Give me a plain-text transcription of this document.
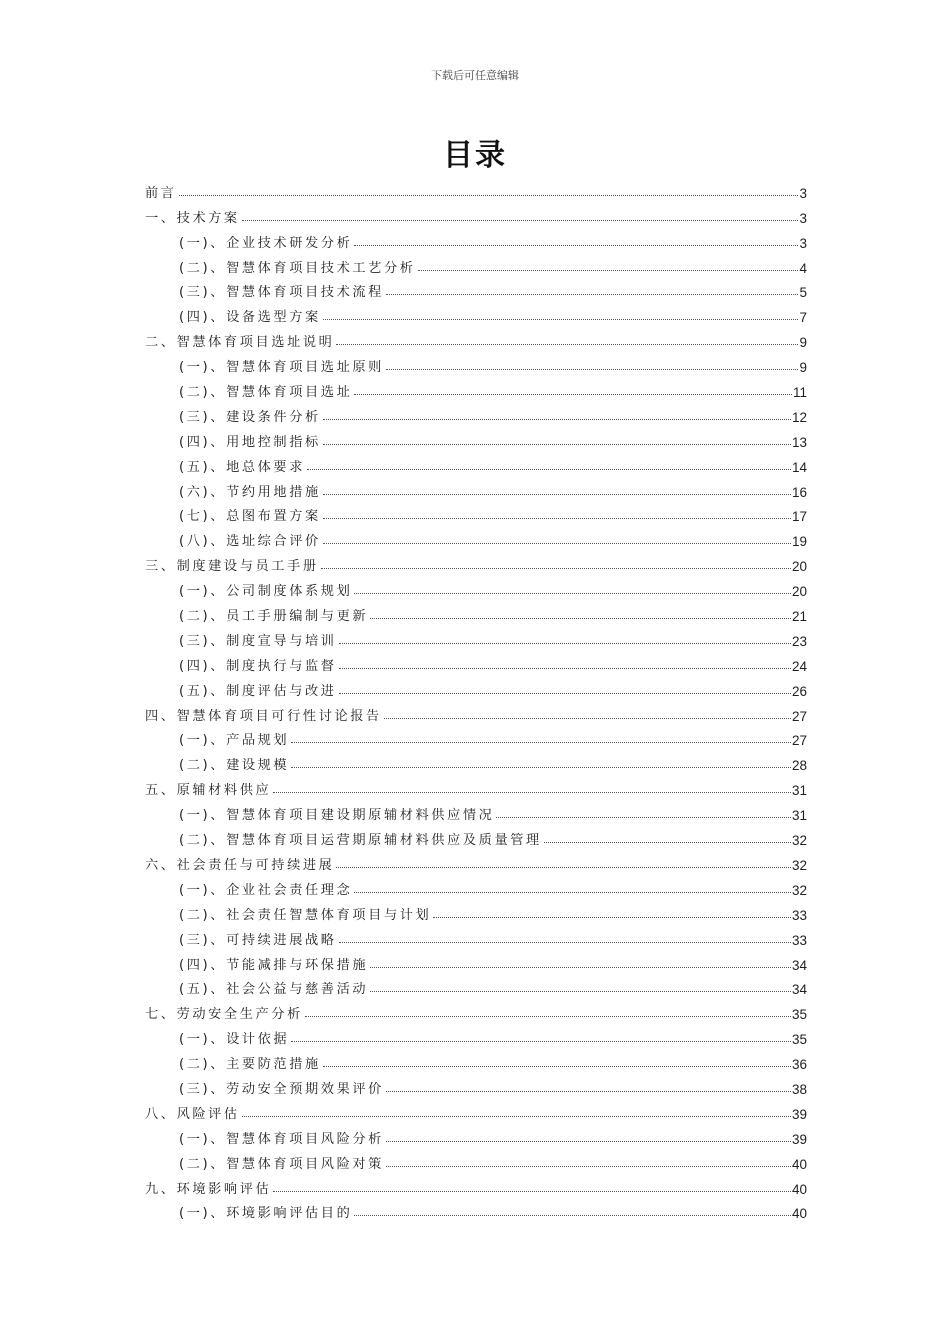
下载后可任意编辑
目录
前言	3
一、技术方案	3
(一)、企业技术研发分析	3
(二)、智慧体育项目技术工艺分析	4
(三)、智慧体育项目技术流程	5
(四)、设备选型方案	7
二、智慧体育项目选址说明	9
(一)、智慧体育项目选址原则	9
(二)、智慧体育项目选址	11
(三)、建设条件分析	12
(四)、用地控制指标	13
(五)、地总体要求	14
(六)、节约用地措施	16
(七)、总图布置方案	17
(八)、选址综合评价	19
三、制度建设与员工手册	20
(一)、公司制度体系规划	20
(二)、员工手册编制与更新	21
(三)、制度宣导与培训	23
(四)、制度执行与监督	24
(五)、制度评估与改进	26
四、智慧体育项目可行性讨论报告	27
(一)、产品规划	27
(二)、建设规模	28
五、原辅材料供应	31
(一)、智慧体育项目建设期原辅材料供应情况	31
(二)、智慧体育项目运营期原辅材料供应及质量管理	32
六、社会责任与可持续进展	32
(一)、企业社会责任理念	32
(二)、社会责任智慧体育项目与计划	33
(三)、可持续进展战略	33
(四)、节能减排与环保措施	34
(五)、社会公益与慈善活动	34
七、劳动安全生产分析	35
(一)、设计依据	35
(二)、主要防范措施	36
(三)、劳动安全预期效果评价	38
八、风险评估	39
(一)、智慧体育项目风险分析	39
(二)、智慧体育项目风险对策	40
九、环境影响评估	40
(一)、环境影响评估目的	40
